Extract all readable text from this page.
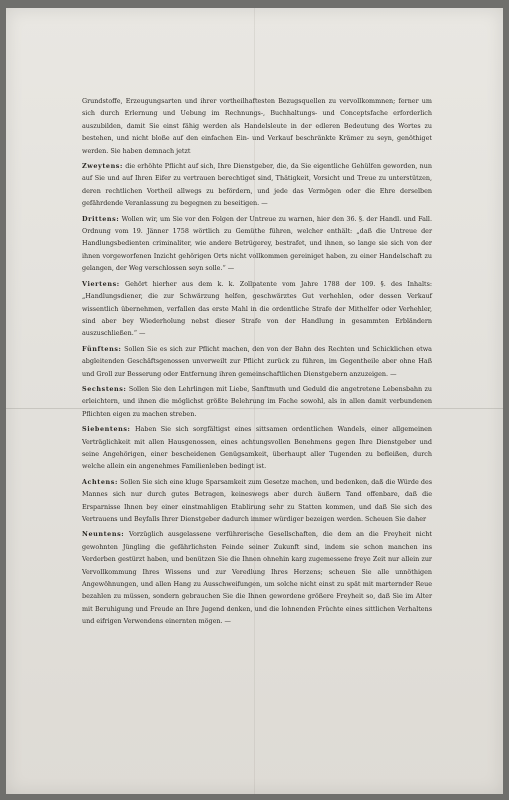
Grundstoffe, Erzeugungsarten und ihrer vortheilhaftesten Bezugsquellen zu vervollkommnen; ferner um sich durch Erlernung und Uebung im Rechnungs-, Buchhaltungs- und Conceptsfache erforderlich auszubilden, damit Sie einst fähig werden als Handelsleute in der edleren Bedeutung des Wortes zu bestehen, und nicht bloße auf den einfachen Ein- und Verkauf beschränkte Krämer zu seyn, genöthiget werden. Sie haben demnach jetzt

Zweytens: die erhöhte Pflicht auf sich, Ihre Dienstgeber, die, da Sie eigentliche Gehülfen geworden, nun auf Sie und auf Ihren Eifer zu vertrauen berechtiget sind, Thätigkeit, Vorsicht und Treue zu unterstützen, deren rechtlichen Vortheil allwegs zu befördern, und jede das Vermögen oder die Ehre derselben gefährdende Veranlassung zu begegnen zu beseitigen. —

Drittens: Wollen wir, um Sie vor den Folgen der Untreue zu warnen, hier den 36. §. der Handl. und Fall. Ordnung vom 19. Jänner 1758 wörtlich zu Gemüthe führen, welcher enthält: „daß die Untreue der Handlungsbedienten criminaliter, wie andere Betrügerey, bestrafet, und ihnen, so lange sie sich von der ihnen vorgeworfenen Inzicht gehörigen Orts nicht vollkommen gereiniget haben, zu einer Handelschaft zu gelangen, der Weg verschlossen seyn solle.“ —

Viertens: Gehört hierher aus dem k. k. Zollpatente vom Jahre 1788 der 109. §. des Inhalts: „Handlungsdiener, die zur Schwärzung helfen, geschwärztes Gut verhehlen, oder dessen Verkauf wissentlich übernehmen, verfallen das erste Mahl in die ordentliche Strafe der Mithelfer oder Verhehler, sind aber bey Wiederholung nebst dieser Strafe von der Handlung in gesammten Erbländern auszuschließen.“ —

Fünftens: Sollen Sie es sich zur Pflicht machen, den von der Bahn des Rechten und Schicklichen etwa abgleitenden Geschäftsgenossen unverweilt zur Pflicht zurück zu führen, im Gegentheile aber ohne Haß und Groll zur Besserung oder Entfernung ihren gemeinschaftlichen Dienstgebern anzuzeigen. —

Sechstens: Sollen Sie den Lehrlingen mit Liebe, Sanftmuth und Geduld die angetretene Lebensbahn zu erleichtern, und ihnen die möglichst größte Belehrung im Fache sowohl, als in allen damit verbundenen Pflichten eigen zu machen streben.

Siebentens: Haben Sie sich sorgfältigst eines sittsamen ordentlichen Wandels, einer allgemeinen Verträglichkeit mit allen Hausgenossen, eines achtungsvollen Benehmens gegen Ihre Dienstgeber und seine Angehörigen, einer bescheidenen Genügsamkeit, überhaupt aller Tugenden zu befleißen, durch welche allein ein angenehmes Familienleben bedingt ist.

Achtens: Sollen Sie sich eine kluge Sparsamkeit zum Gesetze machen, und bedenken, daß die Würde des Mannes sich nur durch gutes Betragen, keineswegs aber durch äußern Tand offenbare, daß die Ersparnisse Ihnen bey einer einstmahligen Etablirung sehr zu Statten kommen, und daß Sie sich des Vertrauens und Beyfalls Ihrer Dienstgeber dadurch immer würdiger bezeigen werden. Scheuen Sie daher

Neuntens: Vorzüglich ausgelassene verführerische Gesellschaften, die dem an die Freyheit nicht gewohnten Jüngling die gefährlichsten Feinde seiner Zukunft sind, indem sie schon manchen ins Verderben gestürzt haben, und benützen Sie die Ihnen ohnehin karg zugemessene freye Zeit nur allein zur Vervollkommung Ihres Wissens und zur Veredlung Ihres Herzens; scheuen Sie alle unnöthigen Angewöhnungen, und allen Hang zu Ausschweifungen, um solche nicht einst zu spät mit marternder Reue bezahlen zu müssen, sondern gebrauchen Sie die Ihnen gewordene größere Freyheit so, daß Sie im Alter mit Beruhigung und Freude an Ihre Jugend denken, und die lohnenden Früchte eines sittlichen Verhaltens und eifrigen Verwendens einernten mögen. —
